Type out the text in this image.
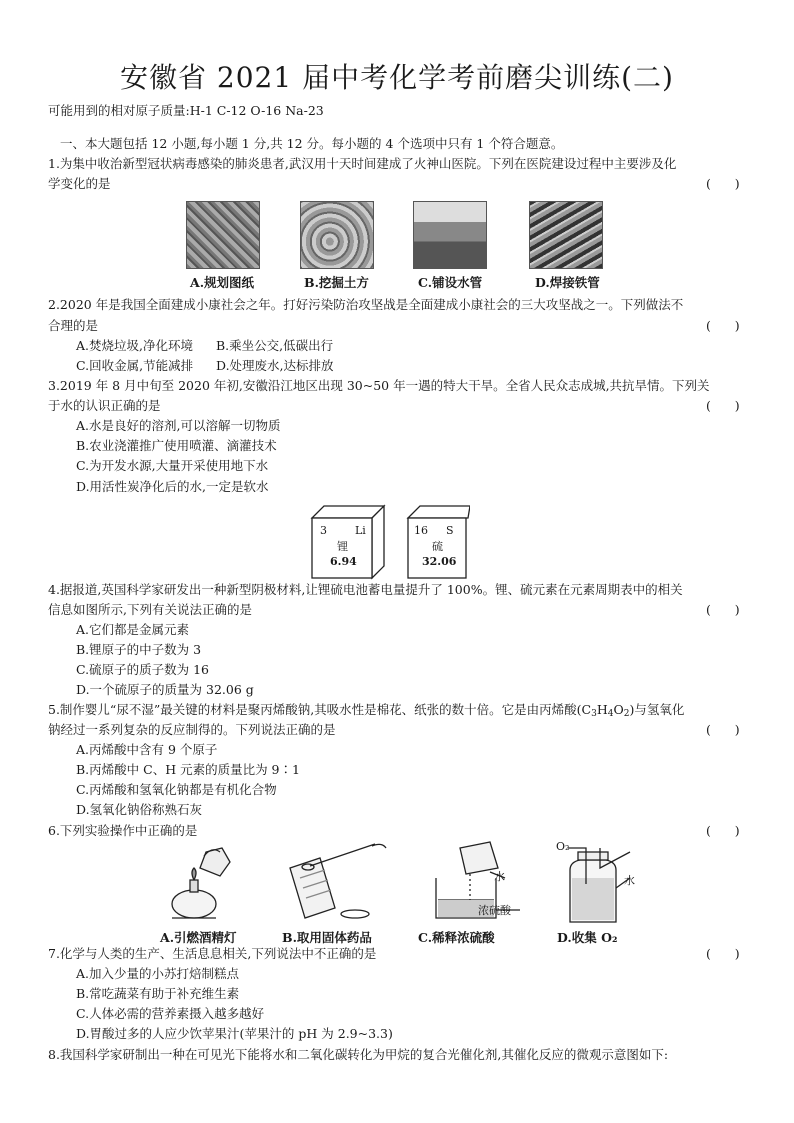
安徽省 2021 届中考化学考前磨尖训练(二)
可能用到的相对原子质量:H-1 C-12 O-16 Na-23
一、本大题包括 12 小题,每小题 1 分,共 12 分。每小题的 4 个选项中只有 1 个符合题意。
1.为集中收治新型冠状病毒感染的肺炎患者,武汉用十天时间建成了火神山医院。下列在医院建设过程中主要涉及化
学变化的是	(      )
A.规划图纸	B.挖掘土方	C.铺设水管	D.焊接铁管
2.2020 年是我国全面建成小康社会之年。打好污染防治攻坚战是全面建成小康社会的三大攻坚战之一。下列做法不
合理的是	(      )
A.焚烧垃圾,净化环境 B.乘坐公交,低碳出行
C.回收金属,节能减排 D.处理废水,达标排放
3.2019 年 8 月中旬至 2020 年初,安徽沿江地区出现 30~50 年一遇的特大干旱。全省人民众志成城,共抗旱情。下列关
于水的认识正确的是	(      )
A.水是良好的溶剂,可以溶解一切物质
B.农业浇灌推广使用喷灌、滴灌技术
C.为开发水源,大量开采使用地下水
D.用活性炭净化后的水,一定是软水
3	Li
锂
6.94
16 S
硫
32.06
4.据报道,英国科学家研发出一种新型阴极材料,让锂硫电池蓄电量提升了 100%。锂、硫元素在元素周期表中的相关
信息如图所示,下列有关说法正确的是	(      )
A.它们都是金属元素
B.锂原子的中子数为 3
C.硫原子的质子数为 16
D.一个硫原子的质量为 32.06 g
5.制作婴儿“尿不湿”最关键的材料是聚丙烯酸钠,其吸水性是棉花、纸张的数十倍。它是由丙烯酸(C3H4O2)与氢氧化
钠经过一系列复杂的反应制得的。下列说法正确的是	(      )
A.丙烯酸中含有 9 个原子
B.丙烯酸中 C、H 元素的质量比为 9∶1
C.丙烯酸和氢氧化钠都是有机化合物
D.氢氧化钠俗称熟石灰
6.下列实验操作中正确的是	(      )
水
浓硫酸
O₂
水
A.引燃酒精灯	B.取用固体药品	C.稀释浓硫酸	D.收集 O₂
7.化学与人类的生产、生活息息相关,下列说法中不正确的是	(      )
A.加入少量的小苏打焙制糕点
B.常吃蔬菜有助于补充维生素
C.人体必需的营养素摄入越多越好
D.胃酸过多的人应少饮苹果汁(苹果汁的 pH 为 2.9~3.3)
8.我国科学家研制出一种在可见光下能将水和二氧化碳转化为甲烷的复合光催化剂,其催化反应的微观示意图如下:
